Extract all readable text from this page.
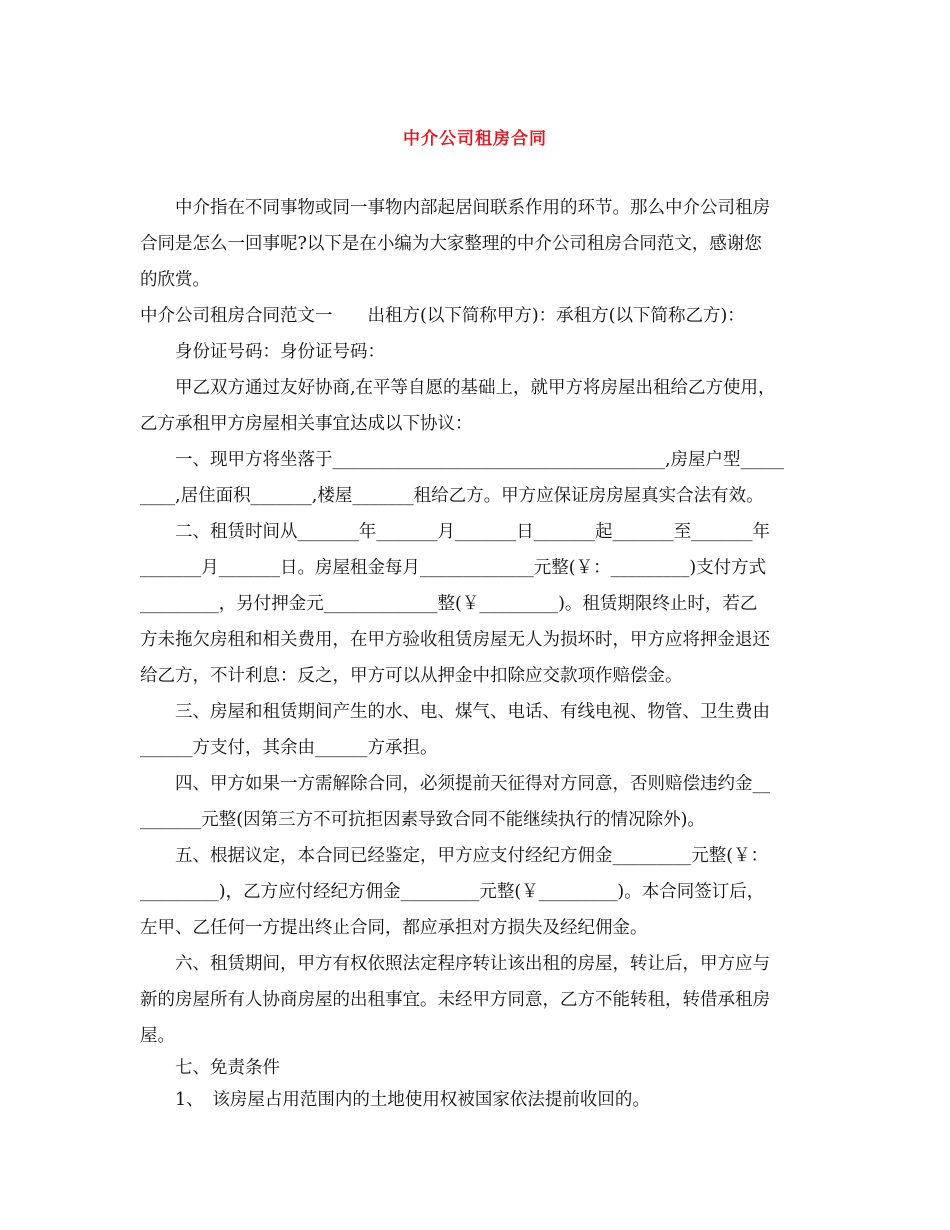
中介公司租房合同
　　中介指在不同事物或同一事物内部起居间联系作用的环节。那么中介公司租房
合同是怎么一回事呢?以下是在小编为大家整理的中介公司租房合同范文，感谢您
的欣赏。
中介公司租房合同范文一　　出租方(以下简称甲方)：承租方(以下简称乙方)：
　　身份证号码：身份证号码：
　　甲乙双方通过友好协商,在平等自愿的基础上，就甲方将房屋出租给乙方使用，
乙方承租甲方房屋相关事宜达成以下协议：
　　一、现甲方将坐落于______________________________________,房屋户型_____
____,居住面积_______,楼屋_______租给乙方。甲方应保证房房屋真实合法有效。
　　二、租赁时间从_______年_______月_______日_______起_______至_______年
_______月_______日。房屋租金每月_____________元整(￥：_________)支付方式
_________，另付押金元_____________整(￥_________)。租赁期限终止时，若乙
方未拖欠房租和相关费用，在甲方验收租赁房屋无人为损坏时，甲方应将押金退还
给乙方，不计利息：反之，甲方可以从押金中扣除应交款项作赔偿金。
　　三、房屋和租赁期间产生的水、电、煤气、电话、有线电视、物管、卫生费由
______方支付，其余由______方承担。
　　四、甲方如果一方需解除合同，必须提前天征得对方同意，否则赔偿违约金__
_______元整(因第三方不可抗拒因素导致合同不能继续执行的情况除外)。
　　五、根据议定，本合同已经鉴定，甲方应支付经纪方佣金_________元整(￥：
_________)，乙方应付经纪方佣金_________元整(￥_________)。本合同签订后，
左甲、乙任何一方提出终止合同，都应承担对方损失及经纪佣金。
　　六、租赁期间，甲方有权依照法定程序转让该出租的房屋，转让后，甲方应与
新的房屋所有人协商房屋的出租事宜。未经甲方同意，乙方不能转租，转借承租房
屋。
　　七、免责条件
　　1、　该房屋占用范围内的土地使用权被国家依法提前收回的。
